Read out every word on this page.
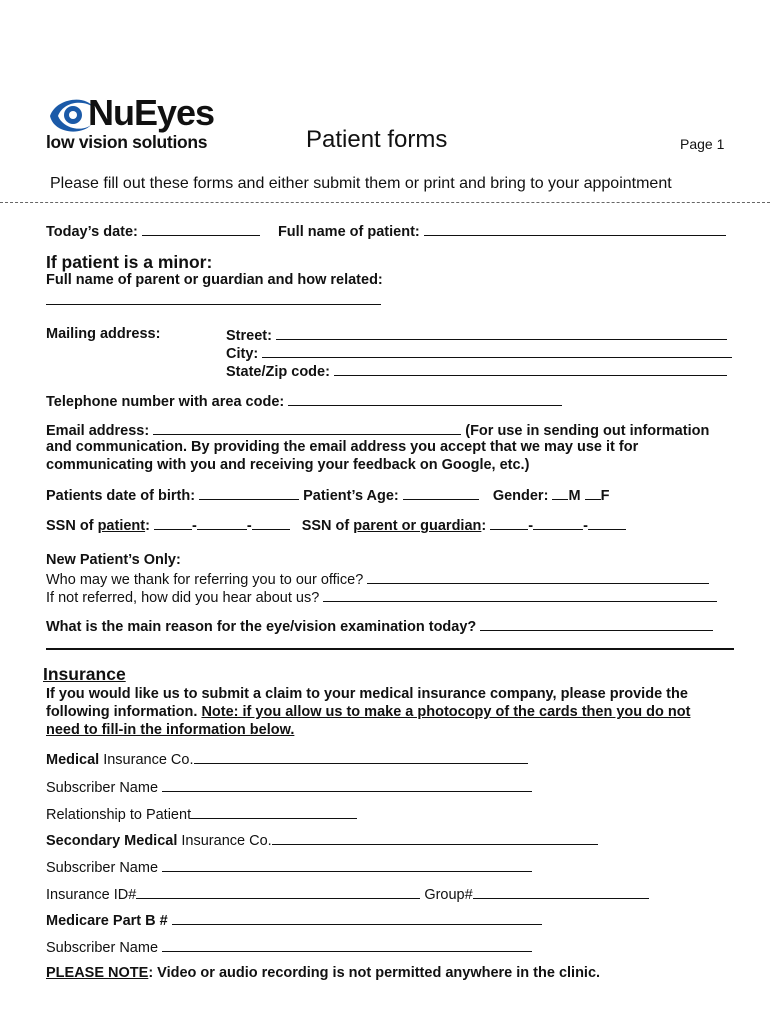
NuEyes
low vision solutions	Patient forms	Page 1
Please fill out these forms and either submit them or print and bring to your appointment
Today’s date:	Full name of patient:
If patient is a minor:
Full name of parent or guardian and how related:
Mailing address:	Street:
City:
State/Zip code:
Telephone number with area code:
Email address:	(For use in sending out information
and communication. By providing the email address you accept that we may use it for
communicating with you and receiving your feedback on Google, etc.)
Patients date of birth:	Patient’s Age:	Gender: M F
SSN of patient:	-	-	SSN of parent or guardian:	-	-
New Patient’s Only:
Who may we thank for referring you to our office?
If not referred, how did you hear about us?
What is the main reason for the eye/vision examination today?
Insurance
If you would like us to submit a claim to your medical insurance company, please provide the
following information. Note: if you allow us to make a photocopy of the cards then you do not
need to fill-in the information below.
Medical Insurance Co.
Subscriber Name
Relationship to Patient
Secondary Medical Insurance Co.
Subscriber Name
Insurance ID#	Group#
Medicare Part B #
Subscriber Name
PLEASE NOTE: Video or audio recording is not permitted anywhere in the clinic.
